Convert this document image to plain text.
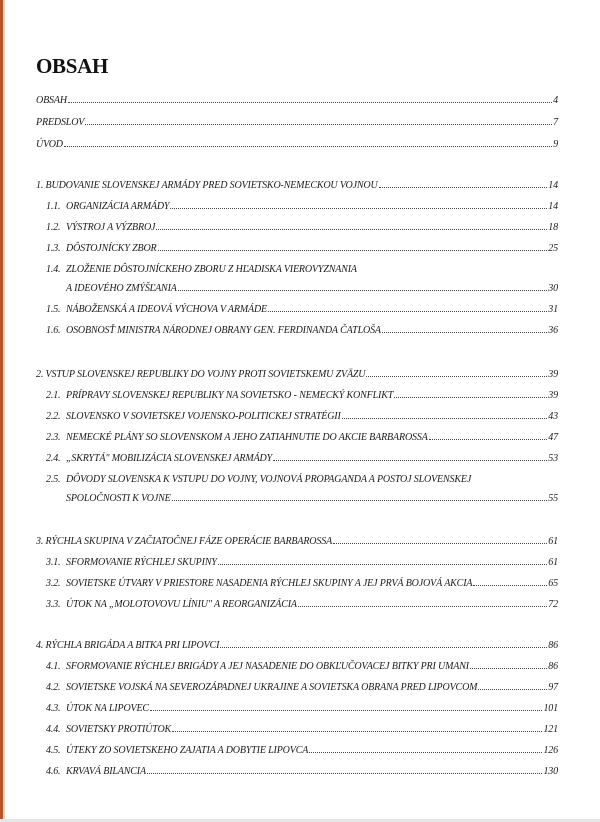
OBSAH
OBSAH	4
PREDSLOV	7
ÚVOD	9
1. BUDOVANIE SLOVENSKEJ ARMÁDY PRED SOVIETSKO-NEMECKOU VOJNOU	14
1.1. ORGANIZÁCIA ARMÁDY	14
1.2. VÝSTROJ A VÝZBROJ	18
1.3. DÔSTOJNÍCKY ZBOR	25
1.4. ZLOŽENIE DÔSTOJNÍCKEHO ZBORU Z HĽADISKA VIEROVYZNANIA
A IDEOVÉHO ZMÝŠĽANIA	30
1.5. NÁBOŽENSKÁ A IDEOVÁ VÝCHOVA V ARMÁDE	31
1.6. OSOBNOSŤ MINISTRA NÁRODNEJ OBRANY GEN. FERDINANDA ČATLOŠA	36
2. VSTUP SLOVENSKEJ REPUBLIKY DO VOJNY PROTI SOVIETSKEMU ZVÄZU	39
2.1. PRÍPRAVY SLOVENSKEJ REPUBLIKY NA SOVIETSKO - NEMECKÝ KONFLIKT	39
2.2. SLOVENSKO V SOVIETSKEJ VOJENSKO-POLITICKEJ STRATÉGII	43
2.3. NEMECKÉ PLÁNY SO SLOVENSKOM A JEHO ZATIAHNUTIE DO AKCIE BARBAROSSA	47
2.4. „SKRYTÁ" MOBILIZÁCIA SLOVENSKEJ ARMÁDY	53
2.5. DÔVODY SLOVENSKA K VSTUPU DO VOJNY, VOJNOVÁ PROPAGANDA A POSTOJ SLOVENSKEJ
SPOLOČNOSTI K VOJNE	55
3. RÝCHLA SKUPINA V ZAČIATOČNEJ FÁZE OPERÁCIE BARBAROSSA	61
3.1. SFORMOVANIE RÝCHLEJ SKUPINY	61
3.2. SOVIETSKE ÚTVARY V PRIESTORE NASADENIA RÝCHLEJ SKUPINY A JEJ PRVÁ BOJOVÁ AKCIA	65
3.3. ÚTOK NA „MOLOTOVOVU LÍNIU" A REORGANIZÁCIA	72
4. RÝCHLA BRIGÁDA A BITKA PRI LIPOVCI	86
4.1. SFORMOVANIE RÝCHLEJ BRIGÁDY A JEJ NASADENIE DO OBKĽUČOVACEJ BITKY PRI UMANI	86
4.2. SOVIETSKE VOJSKÁ NA SEVEROZÁPADNEJ UKRAJINE A SOVIETSKA OBRANA PRED LIPOVCOM	97
4.3. ÚTOK NA LIPOVEC	101
4.4. SOVIETSKY PROTIÚTOK	121
4.5. ÚTEKY ZO SOVIETSKEHO ZAJATIA A DOBYTIE LIPOVCA	126
4.6. KRVAVÁ BILANCIA	130
